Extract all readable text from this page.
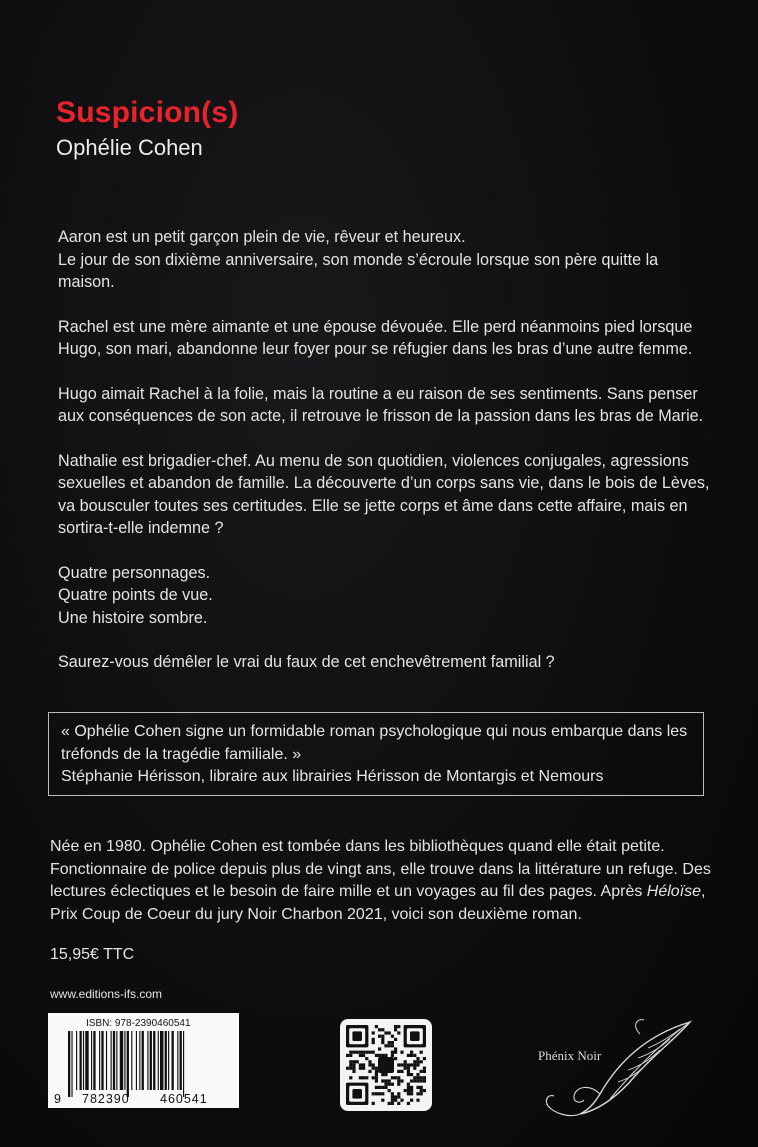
Suspicion(s)
Ophélie Cohen

Aaron est un petit garçon plein de vie, rêveur et heureux.
Le jour de son dixième anniversaire, son monde s’écroule lorsque son père quitte la maison.

Rachel est une mère aimante et une épouse dévouée. Elle perd néanmoins pied lorsque
Hugo, son mari, abandonne leur foyer pour se réfugier dans les bras d’une autre femme.

Hugo aimait Rachel à la folie, mais la routine a eu raison de ses sentiments. Sans penser
aux conséquences de son acte, il retrouve le frisson de la passion dans les bras de Marie.

Nathalie est brigadier-chef. Au menu de son quotidien, violences conjugales, agressions
sexuelles et abandon de famille. La découverte d’un corps sans vie, dans le bois de Lèves,
va bousculer toutes ses certitudes. Elle se jette corps et âme dans cette affaire, mais en
sortira-t-elle indemne ?

Quatre personnages.
Quatre points de vue.
Une histoire sombre.

Saurez-vous démêler le vrai du faux de cet enchevêtrement familial ?

« Ophélie Cohen signe un formidable roman psychologique qui nous embarque dans les
tréfonds de la tragédie familiale. »
Stéphanie Hérisson, libraire aux librairies Hérisson de Montargis et Nemours
Née en 1980. Ophélie Cohen est tombée dans les bibliothèques quand elle était petite.
Fonctionnaire de police depuis plus de vingt ans, elle trouve dans la littérature un refuge. Des
lectures éclectiques et le besoin de faire mille et un voyages au fil des pages. Après Héloïse,
Prix Coup de Coeur du jury Noir Charbon 2021, voici son deuxième roman.
15,95€ TTC
www.editions-ifs.com
ISBN: 978-2390460541
9 782390 460541
Phénix Noir
